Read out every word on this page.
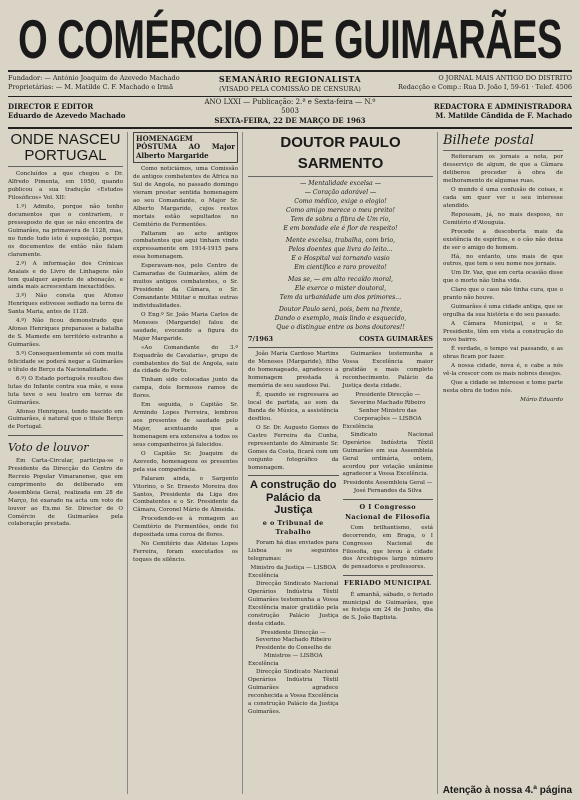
O COMÉRCIO DE GUIMARÃES
Fundador: — António Joaquim de Azevedo Machado
Proprietárias: — M. Matilde C. F. Machado e Irmã
SEMANÁRIO REGIONALISTA
(VISADO PELA COMISSÃO DE CENSURA)
O JORNAL MAIS ANTIGO DO DISTRITO
Redacção e Comp.: Rua D. João I, 59-61 · Telef. 4506
DIRECTOR E EDITOR
Eduardo de Azevedo Machado
ANO LXXI — Publicação: 2.ª e Sexta-feira — N.º 5003
SEXTA-FEIRA, 22 DE MARÇO DE 1963
REDACTORA E ADMINISTRADORA
M. Matilde Cândida de F. Machado
ONDE NASCEU PORTUGAL

Concluídos a que chegou o Dr. Alfredo Pimenta, em 1950, quando publicou a sua tradução «Estudos Filosóficos» Vol. XII:

1.º) Admito, porque não tenho documentos que o contrariem, o pressuposto de que se não encontra de Guimarães, na primavera de 1128, mas, no fundo tudo isto é suposição, porque os documentos de então não falam claramente.

2.º) A informação dos Crónicas Anaiais e do Livro de Linhagens não tem qualquer aspecto de abonação, e ainda mais acrescentam inexactidões.

3.º) Não consta que Afonso Henriques estivesse sediado na terra de Santa Maria, antes de 1128.

4.º) Não ficou demonstrado que Afonso Henriques preparasse a batalha de S. Mamede em território estranho a Guimarães.

5.º) Consequentemente só com muita felicidade se poderá negar a Guimarães o título de Berço da Nacionalidade.

6.º) O Estado português resultou das lutas do Infante contra sua mãe, e essa luta teve o seu teatro em terras de Guimarães.

Afonso Henriques, tendo nascido em Guimarães, é natural que o titule Berço de Portugal.

Voto de louvor

Em Carta-Circular, participa-se o Presidente da Direcção do Centro de Recreio Popular Vimaranense, que em cumprimento do deliberado em Assembleia Geral, realizada em 28 de Março, foi exarado na acta um voto de louvor ao Ex.mo Sr. Director de O Comércio de Guimarães pela colaboração prestada.

HOMENAGEM PÓSTUMA AO Major Alberto Margaride

Como noticiámos, uma Comissão de antigos combatentes de África no Sul de Angola, no passado domingo vieram prestar sentida homenagem ao seu Comandante, o Major Sr. Alberto Margaride, cujos restos mortais estão sepultados no Cemitério de Fermentões.

Faltaram ao acto antigos combatentes que aqui tinham vindo expressamente em 1914-1915 para essa homenagem.

Esperavam-nos, pelo Centro de Camaradas de Guimarães, além de muitos antigos combatentes, o Sr. Presidente da Câmara, o Sr. Comandante Militar e muitas outras individualidades.

O Eng.º Sr. João Maria Carlos de Meneses (Margaride) falou de saudade, evocando a figura do Major Margaride.

«Ao Comandante do 3.º Esquadrão de Cavalaria», grupo de combatentes do Sul de Angola, saiu da cidade do Porto.

Tinham sido colocadas junto da campa, dois formosos ramos de flores.

Em seguida, o Capitão Sr. Armindo Lopes Ferreira, lembrou aos presentes de saudade pelo Major, acentuando que a homenagem era extensiva a todos os seus companheiros já falecidos.

O Capitão Sr. Joaquim de Azevedo, homenageou os presentes pela sua comparência.

Falaram ainda, o Sargento Vitorino, o Sr. Ernesto Moreira dos Santos, Presidente da Liga dos Combatentes e o Sr. Presidente da Câmara, Coronel Mário de Almeida.

Procedendo-se à romagem ao Cemitério de Fermentões, onde foi depositada uma coroa de flores.

No Cemitério das Aldeias Lopes Ferreira, foram executados os toques de silêncio.

DOUTOR PAULO SARMENTO
— Mentalidade excelsa —
— Coração adorável —
Como médico, exige o elogio!
Como amigo merece o meu preito!
Tem de sobra a fibra de Um rio,
E em bondade ele é flor de respeito!
Mente excelsa, trabalha, com brio,
Pelos doentes que livra do leito...
E o Hospital vai tornando vasio
Em científico e raro proveito!
Mas se, — em alto recaído moral,
Ele exerce o mister doutoral,
Tem da urbanidade um dos primores...
Doutor Paulo será, pois, bem na frente,
Dando o exemplo, mais lindo e esquecido,
Que o distingue entre os bons doutores!!
7/1963	COSTA GUIMARÃES

João Maria Cardoso Martins de Meneses (Margaride), filho do homenageado, agradeceu a homenagem prestada à memória de seu saudoso Pai.

É, quando se regressava ao local de partida, ao som da Banda de Música, a assistência desfilou.

O Sr. Dr. Augusto Gomes de Castro Ferreira da Cunha, representante do Almirante Sr. Gomes da Costa, ficará com um conjunto fotográfico da homenagem.

A construção do Palácio da Justiça
e o Tribunal de Trabalho

Foram há dias enviados para Lisboa os seguintes telegramas:

Ministro da Justiça — LISBOA

Excelência

Direcção Sindicato Nacional Operários Indústria Têxtil Guimarães testemunha a Vossa Excelência maior gratidão pela construção Palácio Justiça desta cidade.

Presidente Direcção — Severino Machado Ribeiro

Presidente do Conselho de Ministros — LISBOA

Excelência

Direcção Sindicato Nacional Operários Indústria Têxtil Guimarães agradece reconhecida a Vossa Excelência a construção Palácio da Justiça Guimarães.

Guimarães testemunha a Vossa Excelência maior gratidão e mais completo reconhecimento. Palácio da Justiça desta cidade.

Presidente Direcção — Severino Machado Ribeiro

Senhor Ministro das Corporações — LISBOA

Excelência

Sindicato Nacional Operários Indústria Têxtil Guimarães em sua Assembleia Geral ordinária, ontem, acordou por votação unânime agradecer a Vossa Excelência.

Presidente Assembleia Geral — José Fernandes da Silva

O I Congresso Nacional de Filosofia

Com brilhantismo, está decorrendo, em Braga, o I Congresso Nacional de Filosofia, que levou à cidade dos Arcebispos largo número de pensadores e professores.

FERIADO MUNICIPAL

É amanhã, sábado, o feriado municipal de Guimarães, que se festeja em 24 de Junho, dia de S. João Baptista.

Bilhete postal

Reiteraram os jornais a nota, por desserviço de algum, de que a Câmara deliberou proceder à obra de melhoramento de algumas ruas.

O mundo é uma confusão de coisas, e cada um quer ver o seu interesse atendido.

Repousam, já, no mais desposo, no Cemitério d'Atouguia.

Procede a descoberta mais da existência de espíritos, e o cão não deixa de ser o amigo do homem.

Há, no entanto, uns mais de que outros, que tem o seu nome nos jornais.

Um Dr. Vaz, que em certa ocasião disse que o morto não tinha vida.

Claro que o caso não tinha cura, que o pranto não houve.

Guimarães é uma cidade antiga, que se orgulha da sua história e do seu passado.

A Câmara Municipal, e o Sr. Presidente, têm em vista a construção do novo bairro.

É verdade, o tempo vai passando, e as obras ficam por fazer.

A nossa cidade, nova é, e cabe a nós vê-la crescer com os mais nobres desejos.

Que a cidade se interesse e tome parte nesta obra de todos nós.

Mário Eduardo

Atenção à nossa 4.ª página
